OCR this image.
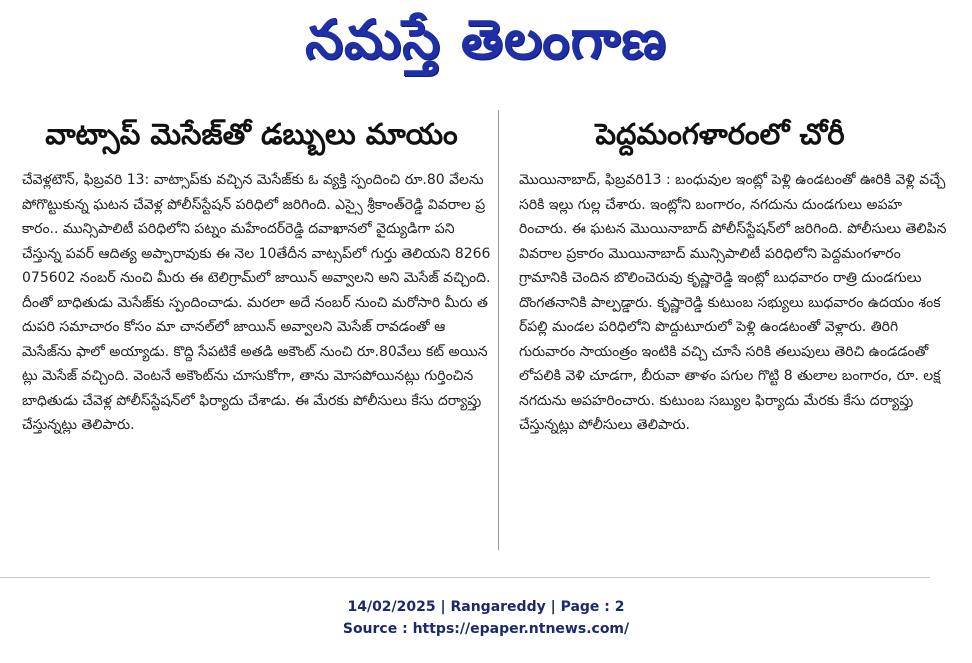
నమస్తే తెలంగాణ
వాట్సాప్ మెసేజ్‌తో డబ్బులు మాయం

చేవెళ్లటౌన్, ఫిబ్రవరి 13: వాట్సాప్‌కు వచ్చిన మెసేజ్‌కు ఓ వ్యక్తి స్పందించి రూ.80 వేలను పోగొట్టుకున్న ఘటన చేవెళ్ల పోలీస్‌స్టేషన్ పరిధిలో జరిగింది. ఎస్సై శ్రీకాంత్‌రెడ్డి వివరాల ప్రకారం.. మున్సిపాలిటీ పరిధిలోని పట్నం మహేందర్‌రెడ్డి దవాఖానలో వైద్యుడిగా పని చేస్తున్న పవర్ ఆదిత్య అప్పారావుకు ఈ నెల 10తేదీన వాట్సప్‌లో గుర్తు తెలియని 8266075602 నంబర్ నుంచి మీరు ఈ టెలిగ్రామ్‌లో జాయిన్ అవ్వాలని అని మెసేజ్ వచ్చింది. దీంతో బాధితుడు మెసేజ్‌కు స్పందించాడు. మరలా అదే నంబర్ నుంచి మరోసారి మీరు తదుపరి సమాచారం కోసం మా చానల్‌లో జాయిన్ అవ్వాలని మెసేజ్ రావడంతో ఆ మెసేజ్‌ను ఫాలో అయ్యాడు. కొద్ది సేపటికే అతడి అకౌంట్ నుంచి రూ.80వేలు కట్ అయినట్లు మెసేజ్ వచ్చింది. వెంటనే అకౌంట్‌ను చూసుకోగా, తాను మోసపోయినట్లు గుర్తించిన బాధితుడు చేవెళ్ల పోలీస్‌స్టేషన్‌లో ఫిర్యాదు చేశాడు. ఈ మేరకు పోలీసులు కేసు దర్యాప్తు చేస్తున్నట్లు తెలిపారు.

పెద్దమంగళారంలో చోరీ

మొయినాబాద్, ఫిబ్రవరి13 : బంధువుల ఇంట్లో పెళ్లి ఉండటంతో ఊరికి వెళ్లి వచ్చే సరికి ఇల్లు గుల్ల చేశారు. ఇంట్లోని బంగారం, నగదును దుండగులు అపహరించారు. ఈ ఘటన మొయినాబాద్ పోలీస్‌స్టేషన్‌లో జరిగింది. పోలీసులు తెలిపిన వివరాల ప్రకారం మొయినాబాద్ మున్సిపాలిటీ పరిధిలోని పెద్దమంగళారం గ్రామానికి చెందిన బొలించెరువు కృష్ణారెడ్డి ఇంట్లో బుధవారం రాత్రి దుండగులు దొంగతనానికి పాల్పడ్డారు. కృష్ణారెడ్డి కుటుంబ సభ్యులు బుధవారం ఉదయం శంకర్‌పల్లి మండల పరిధిలోని పొద్దుటూరులో పెళ్లి ఉండటంతో వెళ్లారు. తిరిగి గురువారం సాయంత్రం ఇంటికి వచ్చి చూసే సరికి తలుపులు తెరిచి ఉండడంతో లోపలికి వెళి చూడగా, బీరువా తాళం పగుల గొట్టి 8 తులాల బంగారం, రూ. లక్ష నగదును అపహరించారు. కుటుంబ సబ్యుల ఫిర్యాదు మేరకు కేసు దర్యాప్తు చేస్తున్నట్లు పోలీసులు తెలిపారు.

14/02/2025 | Rangareddy | Page : 2
Source : https://epaper.ntnews.com/
